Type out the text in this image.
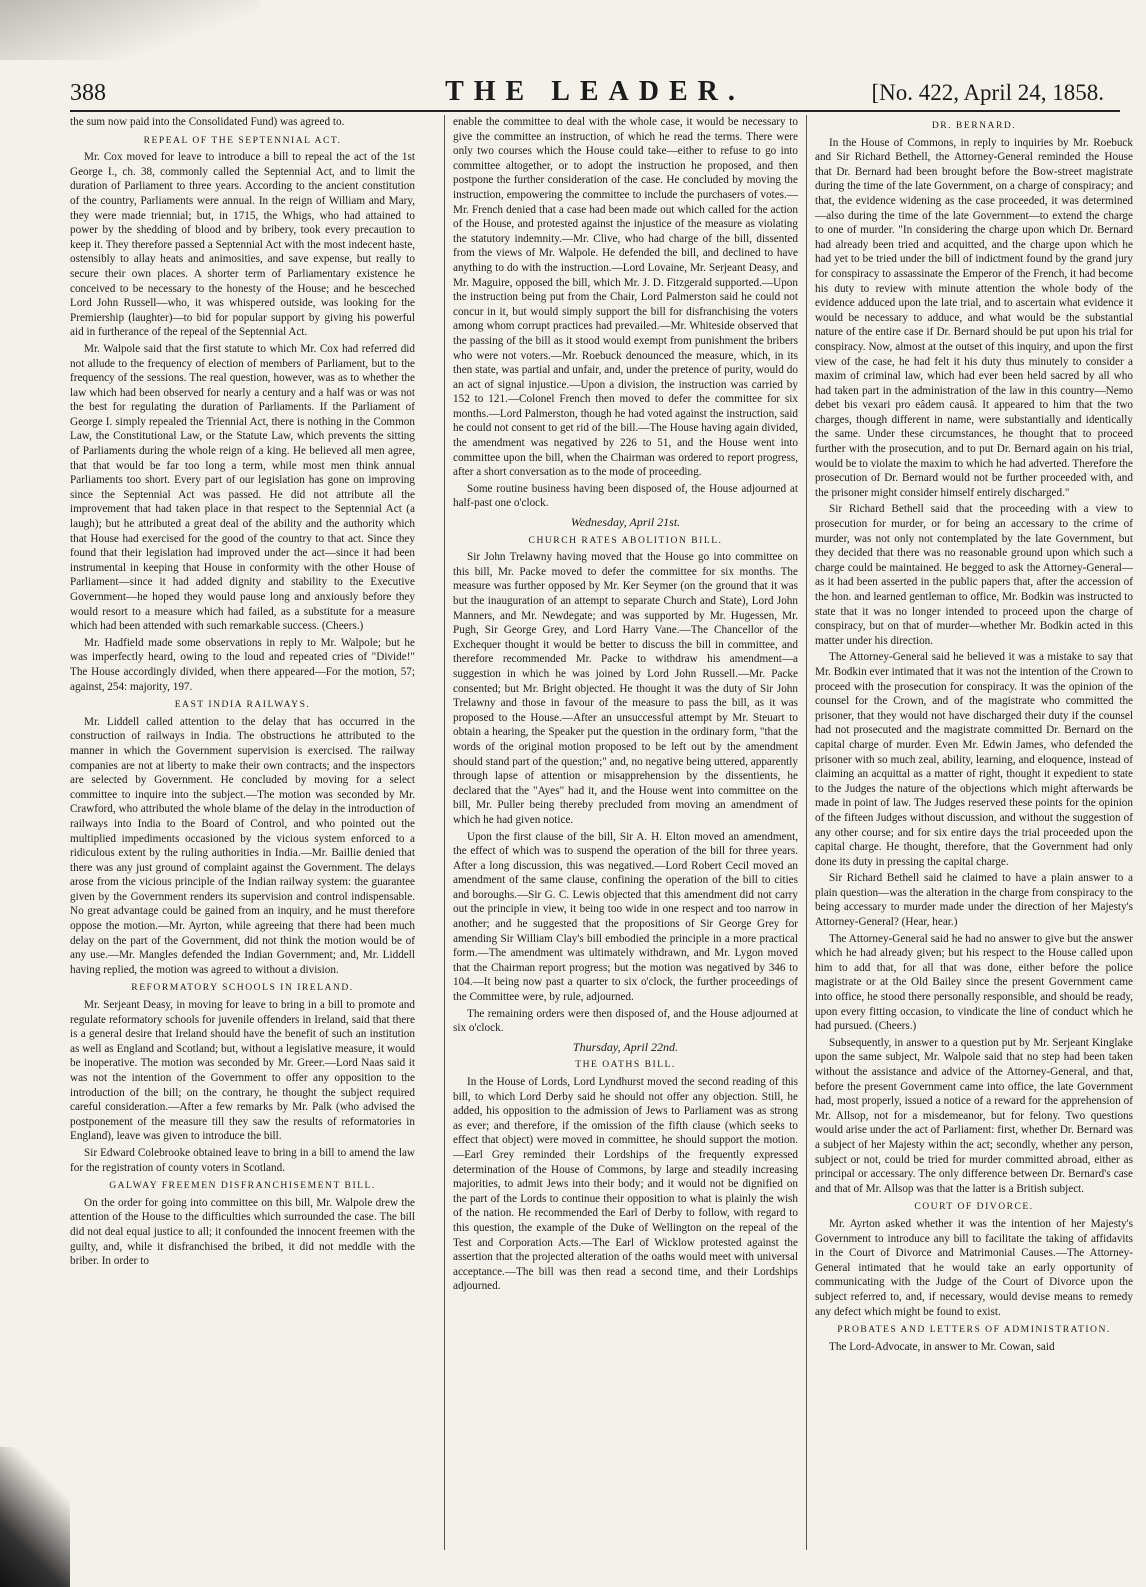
388	THE LEADER.	[No. 422, April 24, 1858.

the sum now paid into the Consolidated Fund) was agreed to.

REPEAL OF THE SEPTENNIAL ACT.

Mr. Cox moved for leave to introduce a bill to repeal the act of the 1st George I., ch. 38, commonly called the Septennial Act, and to limit the duration of Parliament to three years. According to the ancient constitution of the country, Parliaments were annual. In the reign of William and Mary, they were made triennial; but, in 1715, the Whigs, who had attained to power by the shedding of blood and by bribery, took every precaution to keep it. They therefore passed a Septennial Act with the most indecent haste, ostensibly to allay heats and animosities, and save expense, but really to secure their own places. A shorter term of Parliamentary existence he conceived to be necessary to the honesty of the House; and he besceched Lord John Russell—who, it was whispered outside, was looking for the Premiership (laughter)—to bid for popular support by giving his powerful aid in furtherance of the repeal of the Septennial Act.

Mr. Walpole said that the first statute to which Mr. Cox had referred did not allude to the frequency of election of members of Parliament, but to the frequency of the sessions. The real question, however, was as to whether the law which had been observed for nearly a century and a half was or was not the best for regulating the duration of Parliaments. If the Parliament of George I. simply repealed the Triennial Act, there is nothing in the Common Law, the Constitutional Law, or the Statute Law, which prevents the sitting of Parliaments during the whole reign of a king. He believed all men agree, that that would be far too long a term, while most men think annual Parliaments too short. Every part of our legislation has gone on improving since the Septennial Act was passed. He did not attribute all the improvement that had taken place in that respect to the Septennial Act (a laugh); but he attributed a great deal of the ability and the authority which that House had exercised for the good of the country to that act. Since they found that their legislation had improved under the act—since it had been instrumental in keeping that House in conformity with the other House of Parliament—since it had added dignity and stability to the Executive Government—he hoped they would pause long and anxiously before they would resort to a measure which had failed, as a substitute for a measure which had been attended with such remarkable success. (Cheers.)

Mr. Hadfield made some observations in reply to Mr. Walpole; but he was imperfectly heard, owing to the loud and repeated cries of "Divide!" The House accordingly divided, when there appeared—For the motion, 57; against, 254: majority, 197.

EAST INDIA RAILWAYS.

Mr. Liddell called attention to the delay that has occurred in the construction of railways in India. The obstructions he attributed to the manner in which the Government supervision is exercised. The railway companies are not at liberty to make their own contracts; and the inspectors are selected by Government. He concluded by moving for a select committee to inquire into the subject.—The motion was seconded by Mr. Crawford, who attributed the whole blame of the delay in the introduction of railways into India to the Board of Control, and who pointed out the multiplied impediments occasioned by the vicious system enforced to a ridiculous extent by the ruling authorities in India.—Mr. Baillie denied that there was any just ground of complaint against the Government. The delays arose from the vicious principle of the Indian railway system: the guarantee given by the Government renders its supervision and control indispensable. No great advantage could be gained from an inquiry, and he must therefore oppose the motion.—Mr. Ayrton, while agreeing that there had been much delay on the part of the Government, did not think the motion would be of any use.—Mr. Mangles defended the Indian Government; and, Mr. Liddell having replied, the motion was agreed to without a division.

REFORMATORY SCHOOLS IN IRELAND.

Mr. Serjeant Deasy, in moving for leave to bring in a bill to promote and regulate reformatory schools for juvenile offenders in Ireland, said that there is a general desire that Ireland should have the benefit of such an institution as well as England and Scotland; but, without a legislative measure, it would be inoperative. The motion was seconded by Mr. Greer.—Lord Naas said it was not the intention of the Government to offer any opposition to the introduction of the bill; on the contrary, he thought the subject required careful consideration.—After a few remarks by Mr. Palk (who advised the postponement of the measure till they saw the results of reformatories in England), leave was given to introduce the bill.

Sir Edward Colebrooke obtained leave to bring in a bill to amend the law for the registration of county voters in Scotland.

GALWAY FREEMEN DISFRANCHISEMENT BILL.

On the order for going into committee on this bill, Mr. Walpole drew the attention of the House to the difficulties which surrounded the case. The bill did not deal equal justice to all; it confounded the innocent freemen with the guilty, and, while it disfranchised the bribed, it did not meddle with the briber. In order to

enable the committee to deal with the whole case, it would be necessary to give the committee an instruction, of which he read the terms. There were only two courses which the House could take—either to refuse to go into committee altogether, or to adopt the instruction he proposed, and then postpone the further consideration of the case. He concluded by moving the instruction, empowering the committee to include the purchasers of votes.—Mr. French denied that a case had been made out which called for the action of the House, and protested against the injustice of the measure as violating the statutory indemnity.—Mr. Clive, who had charge of the bill, dissented from the views of Mr. Walpole. He defended the bill, and declined to have anything to do with the instruction.—Lord Lovaine, Mr. Serjeant Deasy, and Mr. Maguire, opposed the bill, which Mr. J. D. Fitzgerald supported.—Upon the instruction being put from the Chair, Lord Palmerston said he could not concur in it, but would simply support the bill for disfranchising the voters among whom corrupt practices had prevailed.—Mr. Whiteside observed that the passing of the bill as it stood would exempt from punishment the bribers who were not voters.—Mr. Roebuck denounced the measure, which, in its then state, was partial and unfair, and, under the pretence of purity, would do an act of signal injustice.—Upon a division, the instruction was carried by 152 to 121.—Colonel French then moved to defer the committee for six months.—Lord Palmerston, though he had voted against the instruction, said he could not consent to get rid of the bill.—The House having again divided, the amendment was negatived by 226 to 51, and the House went into committee upon the bill, when the Chairman was ordered to report progress, after a short conversation as to the mode of proceeding.

Some routine business having been disposed of, the House adjourned at half-past one o'clock.

Wednesday, April 21st.
CHURCH RATES ABOLITION BILL.

Sir John Trelawny having moved that the House go into committee on this bill, Mr. Packe moved to defer the committee for six months. The measure was further opposed by Mr. Ker Seymer (on the ground that it was but the inauguration of an attempt to separate Church and State), Lord John Manners, and Mr. Newdegate; and was supported by Mr. Hugessen, Mr. Pugh, Sir George Grey, and Lord Harry Vane.—The Chancellor of the Exchequer thought it would be better to discuss the bill in committee, and therefore recommended Mr. Packe to withdraw his amendment—a suggestion in which he was joined by Lord John Russell.—Mr. Packe consented; but Mr. Bright objected. He thought it was the duty of Sir John Trelawny and those in favour of the measure to pass the bill, as it was proposed to the House.—After an unsuccessful attempt by Mr. Steuart to obtain a hearing, the Speaker put the question in the ordinary form, "that the words of the original motion proposed to be left out by the amendment should stand part of the question;" and, no negative being uttered, apparently through lapse of attention or misapprehension by the dissentients, he declared that the "Ayes" had it, and the House went into committee on the bill, Mr. Puller being thereby precluded from moving an amendment of which he had given notice.

Upon the first clause of the bill, Sir A. H. Elton moved an amendment, the effect of which was to suspend the operation of the bill for three years. After a long discussion, this was negatived.—Lord Robert Cecil moved an amendment of the same clause, confining the operation of the bill to cities and boroughs.—Sir G. C. Lewis objected that this amendment did not carry out the principle in view, it being too wide in one respect and too narrow in another; and he suggested that the propositions of Sir George Grey for amending Sir William Clay's bill embodied the principle in a more practical form.—The amendment was ultimately withdrawn, and Mr. Lygon moved that the Chairman report progress; but the motion was negatived by 346 to 104.—It being now past a quarter to six o'clock, the further proceedings of the Committee were, by rule, adjourned.

The remaining orders were then disposed of, and the House adjourned at six o'clock.

Thursday, April 22nd.
THE OATHS BILL.

In the House of Lords, Lord Lyndhurst moved the second reading of this bill, to which Lord Derby said he should not offer any objection. Still, he added, his opposition to the admission of Jews to Parliament was as strong as ever; and therefore, if the omission of the fifth clause (which seeks to effect that object) were moved in committee, he should support the motion.—Earl Grey reminded their Lordships of the frequently expressed determination of the House of Commons, by large and steadily increasing majorities, to admit Jews into their body; and it would not be dignified on the part of the Lords to continue their opposition to what is plainly the wish of the nation. He recommended the Earl of Derby to follow, with regard to this question, the example of the Duke of Wellington on the repeal of the Test and Corporation Acts.—The Earl of Wicklow protested against the assertion that the projected alteration of the oaths would meet with universal acceptance.—The bill was then read a second time, and their Lordships adjourned.

DR. BERNARD.

In the House of Commons, in reply to inquiries by Mr. Roebuck and Sir Richard Bethell, the Attorney-General reminded the House that Dr. Bernard had been brought before the Bow-street magistrate during the time of the late Government, on a charge of conspiracy; and that, the evidence widening as the case proceeded, it was determined—also during the time of the late Government—to extend the charge to one of murder. "In considering the charge upon which Dr. Bernard had already been tried and acquitted, and the charge upon which he had yet to be tried under the bill of indictment found by the grand jury for conspiracy to assassinate the Emperor of the French, it had become his duty to review with minute attention the whole body of the evidence adduced upon the late trial, and to ascertain what evidence it would be necessary to adduce, and what would be the substantial nature of the entire case if Dr. Bernard should be put upon his trial for conspiracy. Now, almost at the outset of this inquiry, and upon the first view of the case, he had felt it his duty thus minutely to consider a maxim of criminal law, which had ever been held sacred by all who had taken part in the administration of the law in this country—Nemo debet bis vexari pro eâdem causâ. It appeared to him that the two charges, though different in name, were substantially and identically the same. Under these circumstances, he thought that to proceed further with the prosecution, and to put Dr. Bernard again on his trial, would be to violate the maxim to which he had adverted. Therefore the prosecution of Dr. Bernard would not be further proceeded with, and the prisoner might consider himself entirely discharged."

Sir Richard Bethell said that the proceeding with a view to prosecution for murder, or for being an accessary to the crime of murder, was not only not contemplated by the late Government, but they decided that there was no reasonable ground upon which such a charge could be maintained. He begged to ask the Attorney-General—as it had been asserted in the public papers that, after the accession of the hon. and learned gentleman to office, Mr. Bodkin was instructed to state that it was no longer intended to proceed upon the charge of conspiracy, but on that of murder—whether Mr. Bodkin acted in this matter under his direction.

The Attorney-General said he believed it was a mistake to say that Mr. Bodkin ever intimated that it was not the intention of the Crown to proceed with the prosecution for conspiracy. It was the opinion of the counsel for the Crown, and of the magistrate who committed the prisoner, that they would not have discharged their duty if the counsel had not prosecuted and the magistrate committed Dr. Bernard on the capital charge of murder. Even Mr. Edwin James, who defended the prisoner with so much zeal, ability, learning, and eloquence, instead of claiming an acquittal as a matter of right, thought it expedient to state to the Judges the nature of the objections which might afterwards be made in point of law. The Judges reserved these points for the opinion of the fifteen Judges without discussion, and without the suggestion of any other course; and for six entire days the trial proceeded upon the capital charge. He thought, therefore, that the Government had only done its duty in pressing the capital charge.

Sir Richard Bethell said he claimed to have a plain answer to a plain question—was the alteration in the charge from conspiracy to the being accessary to murder made under the direction of her Majesty's Attorney-General? (Hear, hear.)

The Attorney-General said he had no answer to give but the answer which he had already given; but his respect to the House called upon him to add that, for all that was done, either before the police magistrate or at the Old Bailey since the present Government came into office, he stood there personally responsible, and should be ready, upon every fitting occasion, to vindicate the line of conduct which he had pursued. (Cheers.)

Subsequently, in answer to a question put by Mr. Serjeant Kinglake upon the same subject, Mr. Walpole said that no step had been taken without the assistance and advice of the Attorney-General, and that, before the present Government came into office, the late Government had, most properly, issued a notice of a reward for the apprehension of Mr. Allsop, not for a misdemeanor, but for felony. Two questions would arise under the act of Parliament: first, whether Dr. Bernard was a subject of her Majesty within the act; secondly, whether any person, subject or not, could be tried for murder committed abroad, either as principal or accessary. The only difference between Dr. Bernard's case and that of Mr. Allsop was that the latter is a British subject.

COURT OF DIVORCE.

Mr. Ayrton asked whether it was the intention of her Majesty's Government to introduce any bill to facilitate the taking of affidavits in the Court of Divorce and Matrimonial Causes.—The Attorney-General intimated that he would take an early opportunity of communicating with the Judge of the Court of Divorce upon the subject referred to, and, if necessary, would devise means to remedy any defect which might be found to exist.

PROBATES AND LETTERS OF ADMINISTRATION.

The Lord-Advocate, in answer to Mr. Cowan, said
